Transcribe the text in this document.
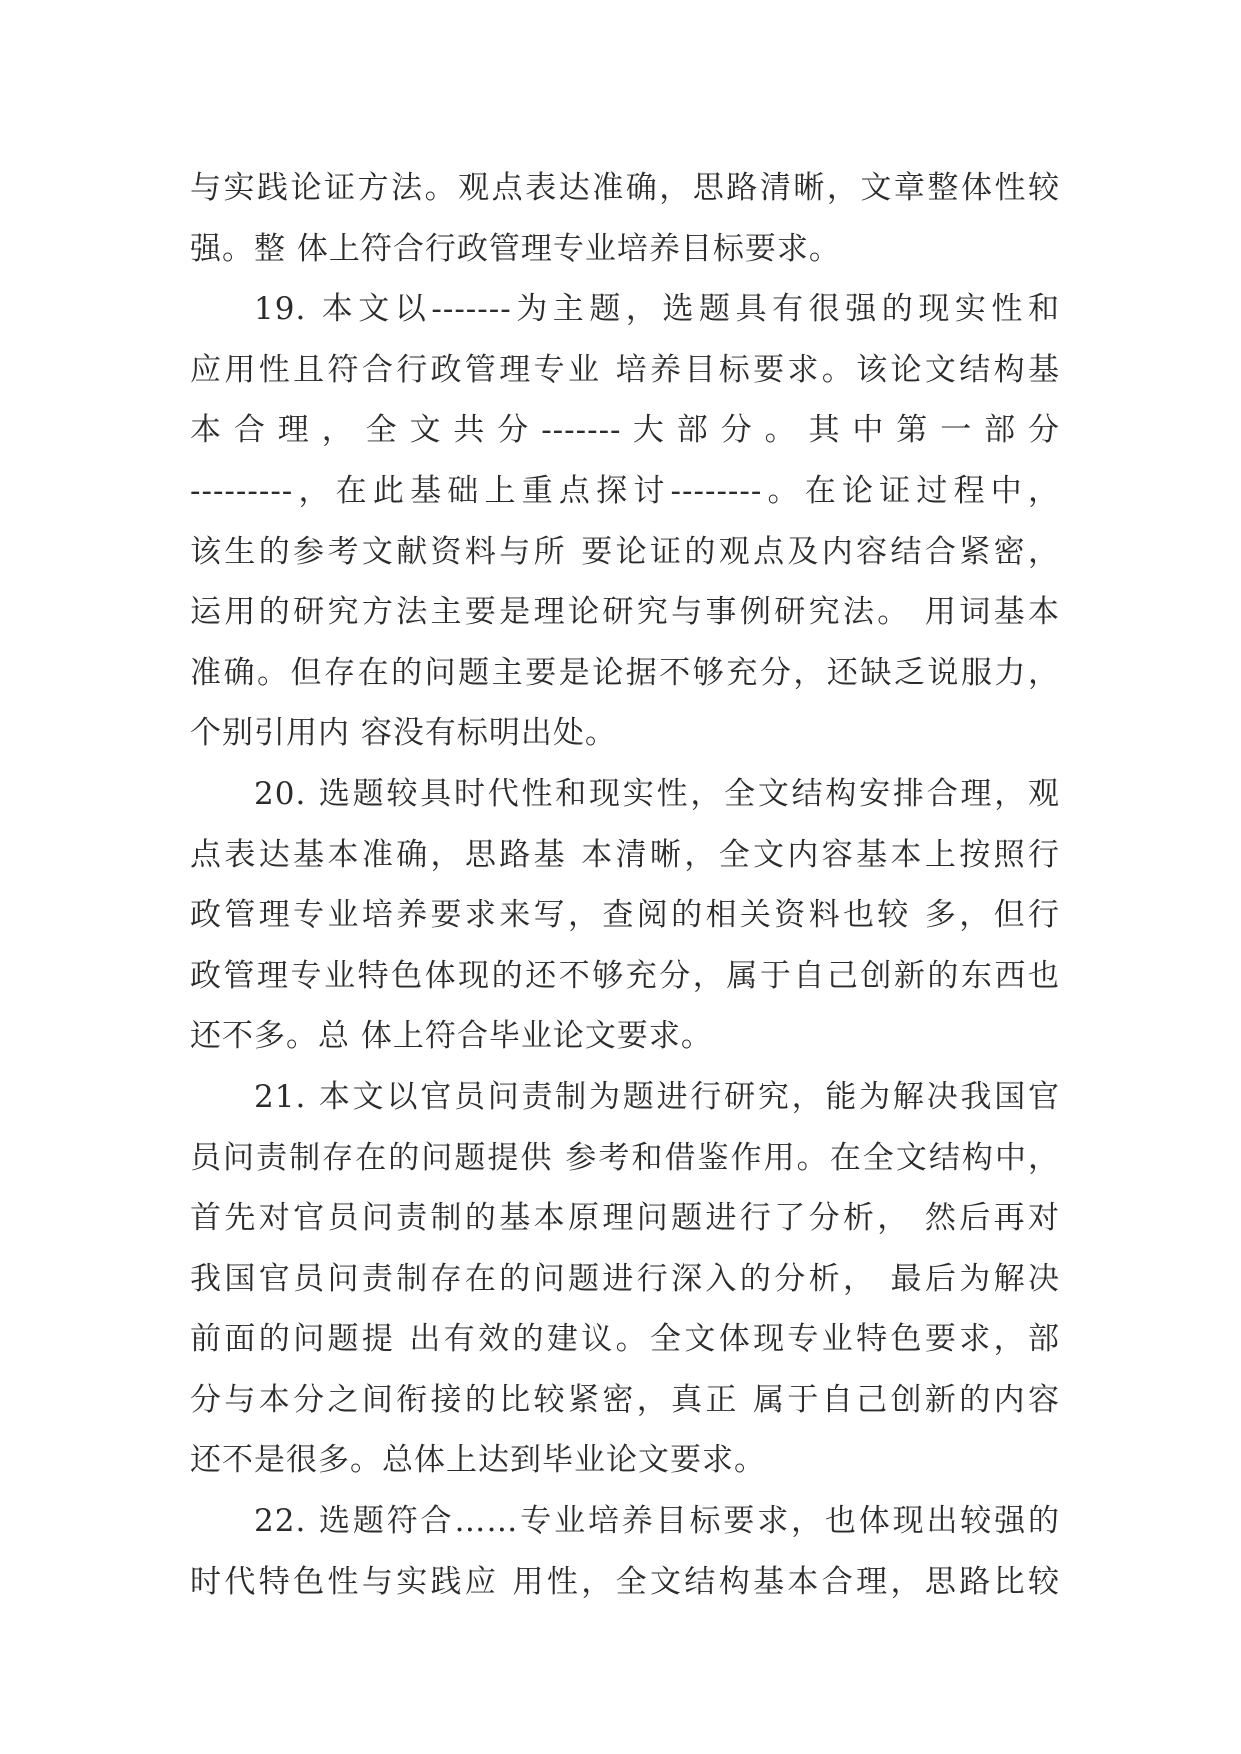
与实践论证方法。观点表达准确，思路清晰，文章整体性较
强。整 体上符合行政管理专业培养目标要求。
19. 本文以-------为主题，选题具有很强的现实性和
应用性且符合行政管理专业 培养目标要求。该论文结构基
本 合 理 ， 全 文 共 分 ------- 大 部 分 。 其 中 第 一 部 分
---------，在此基础上重点探讨--------。在论证过程中，
该生的参考文献资料与所 要论证的观点及内容结合紧密，
运用的研究方法主要是理论研究与事例研究法。 用词基本
准确。但存在的问题主要是论据不够充分，还缺乏说服力，
个别引用内 容没有标明出处。
20. 选题较具时代性和现实性，全文结构安排合理，观
点表达基本准确，思路基 本清晰，全文内容基本上按照行
政管理专业培养要求来写，查阅的相关资料也较 多，但行
政管理专业特色体现的还不够充分，属于自己创新的东西也
还不多。总 体上符合毕业论文要求。
21. 本文以官员问责制为题进行研究，能为解决我国官
员问责制存在的问题提供 参考和借鉴作用。在全文结构中，
首先对官员问责制的基本原理问题进行了分析， 然后再对
我国官员问责制存在的问题进行深入的分析， 最后为解决
前面的问题提 出有效的建议。全文体现专业特色要求，部
分与本分之间衔接的比较紧密，真正 属于自己创新的内容
还不是很多。总体上达到毕业论文要求。
22. 选题符合……专业培养目标要求，也体现出较强的
时代特色性与实践应 用性，全文结构基本合理，思路比较
